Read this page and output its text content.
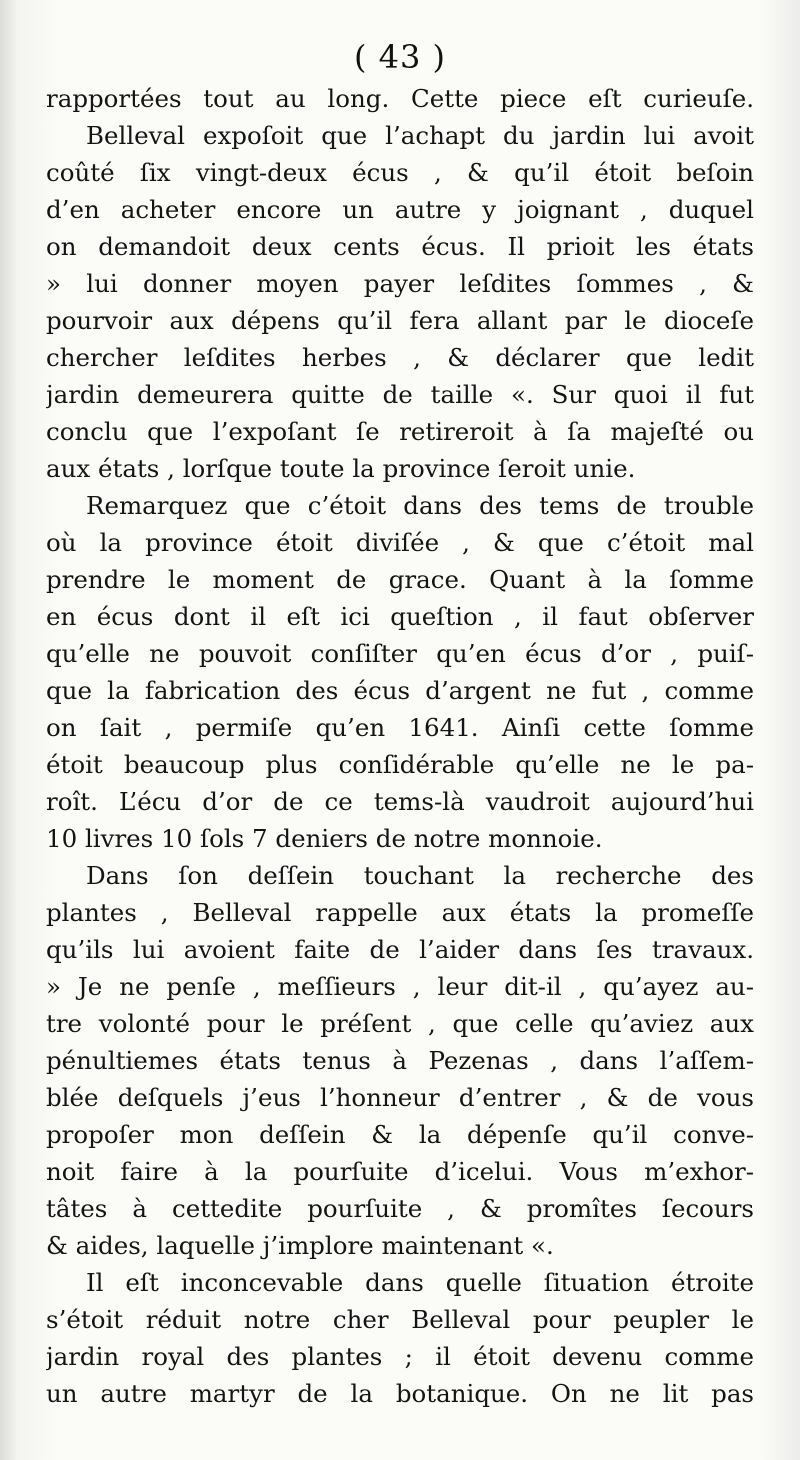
( 43 )
rapportées tout au long. Cette piece eſt curieuſe.
Belleval expoſoit que l’achapt du jardin lui avoit
coûté ſix vingt-deux écus , & qu’il étoit beſoin
d’en acheter encore un autre y joignant , duquel
on demandoit deux cents écus. Il prioit les états
» lui donner moyen payer leſdites ſommes , &
pourvoir aux dépens qu’il fera allant par le dioceſe
chercher leſdites herbes , & déclarer que ledit
jardin demeurera quitte de taille «. Sur quoi il fut
conclu que l’expoſant ſe retireroit à ſa majeſté ou
aux états , lorſque toute la province ſeroit unie.
Remarquez que c’étoit dans des tems de trouble
où la province étoit diviſée , & que c’étoit mal
prendre le moment de grace. Quant à la ſomme
en écus dont il eſt ici queſtion , il faut obſerver
qu’elle ne pouvoit conſiſter qu’en écus d’or , puiſ-
que la fabrication des écus d’argent ne fut , comme
on ſait , permiſe qu’en 1641. Ainſi cette ſomme
étoit beaucoup plus conſidérable qu’elle ne le pa-
roît. L’écu d’or de ce tems-là vaudroit aujourd’hui
10 livres 10 ſols 7 deniers de notre monnoie.
Dans ſon deſſein touchant la recherche des
plantes , Belleval rappelle aux états la promeſſe
qu’ils lui avoient faite de l’aider dans ſes travaux.
» Je ne penſe , meſſieurs , leur dit-il , qu’ayez au-
tre volonté pour le préſent , que celle qu’aviez aux
pénultiemes états tenus à Pezenas , dans l’aſſem-
blée deſquels j’eus l’honneur d’entrer , & de vous
propoſer mon deſſein & la dépenſe qu’il conve-
noit faire à la pourſuite d’icelui. Vous m’exhor-
tâtes à cettedite pourſuite , & promîtes ſecours
& aides, laquelle j’implore maintenant «.
Il eſt inconcevable dans quelle ſituation étroite
s’étoit réduit notre cher Belleval pour peupler le
jardin royal des plantes ; il étoit devenu comme
un autre martyr de la botanique. On ne lit pas
